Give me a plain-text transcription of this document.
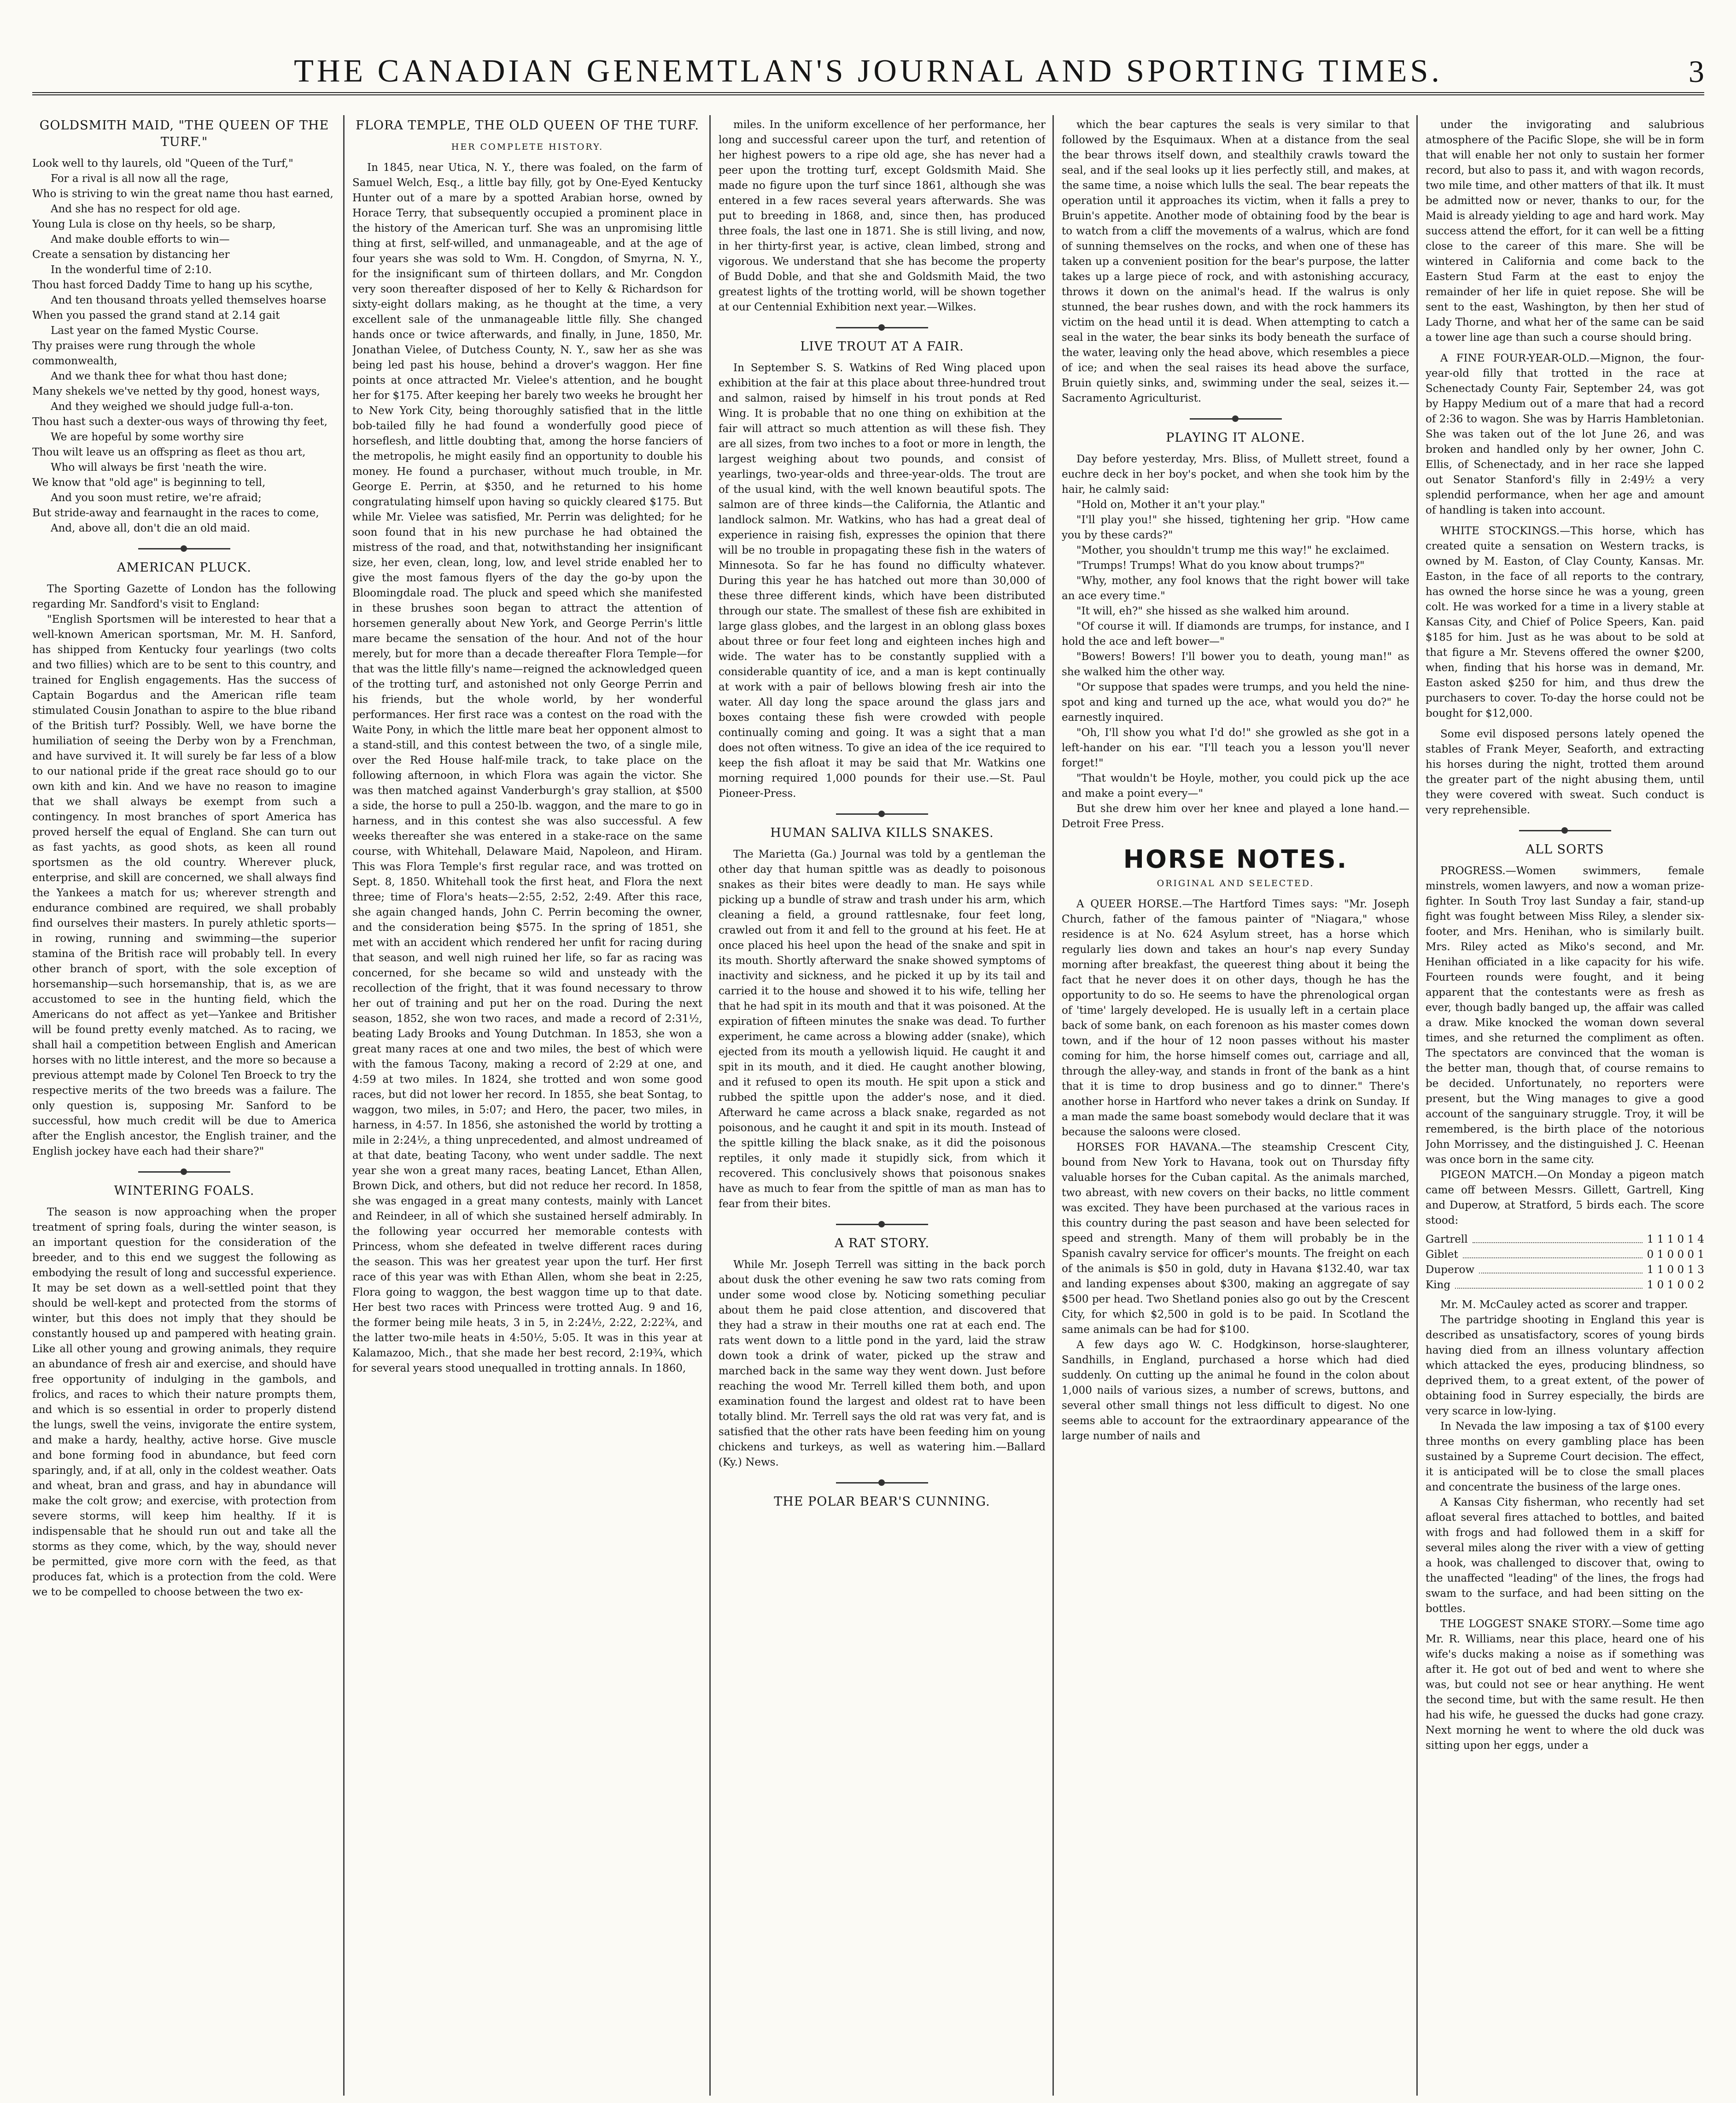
THE CANADIAN GENEMTLAN'S JOURNAL AND SPORTING TIMES.	3
GOLDSMITH MAID, "THE QUEEN OF THE TURF."

Look well to thy laurels, old "Queen of the Turf,"

For a rival is all now all the rage,

Who is striving to win the great name thou hast earned,

And she has no respect for old age.

Young Lula is close on thy heels, so be sharp,

And make double efforts to win—

Create a sensation by distancing her

In the wonderful time of 2:10.

Thou hast forced Daddy Time to hang up his scythe,

And ten thousand throats yelled themselves hoarse

When you passed the grand stand at 2.14 gait

Last year on the famed Mystic Course.

Thy praises were rung through the whole commonwealth,

And we thank thee for what thou hast done;

Many shekels we've netted by thy good, honest ways,

And they weighed we should judge full-a-ton.

Thou hast such a dexter-ous ways of throwing thy feet,

We are hopeful by some worthy sire

Thou wilt leave us an offspring as fleet as thou art,

Who will always be first 'neath the wire.

We know that "old age" is beginning to tell,

And you soon must retire, we're afraid;

But stride-away and fearnaught in the races to come,

And, above all, don't die an old maid.

AMERICAN PLUCK.

The Sporting Gazette of London has the following regarding Mr. Sandford's visit to England:

"English Sportsmen will be interested to hear that a well-known American sportsman, Mr. M. H. Sanford, has shipped from Kentucky four yearlings (two colts and two fillies) which are to be sent to this country, and trained for English engagements. Has the success of Captain Bogardus and the American rifle team stimulated Cousin Jonathan to aspire to the blue riband of the British turf? Possibly. Well, we have borne the humiliation of seeing the Derby won by a Frenchman, and have survived it. It will surely be far less of a blow to our national pride if the great race should go to our own kith and kin. And we have no reason to imagine that we shall always be exempt from such a contingency. In most branches of sport America has proved herself the equal of England. She can turn out as fast yachts, as good shots, as keen all round sportsmen as the old country. Wherever pluck, enterprise, and skill are concerned, we shall always find the Yankees a match for us; wherever strength and endurance combined are required, we shall probably find ourselves their masters. In purely athletic sports—in rowing, running and swimming—the superior stamina of the British race will probably tell. In every other branch of sport, with the sole exception of horsemanship—such horsemanship, that is, as we are accustomed to see in the hunting field, which the Americans do not affect as yet—Yankee and Britisher will be found pretty evenly matched. As to racing, we shall hail a competition between English and American horses with no little interest, and the more so because a previous attempt made by Colonel Ten Broeck to try the respective merits of the two breeds was a failure. The only question is, supposing Mr. Sanford to be successful, how much credit will be due to America after the English ancestor, the English trainer, and the English jockey have each had their share?"

WINTERING FOALS.

The season is now approaching when the proper treatment of spring foals, during the winter season, is an important question for the consideration of the breeder, and to this end we suggest the following as embodying the result of long and successful experience. It may be set down as a well-settled point that they should be well-kept and protected from the storms of winter, but this does not imply that they should be constantly housed up and pampered with heating grain. Like all other young and growing animals, they require an abundance of fresh air and exercise, and should have free opportunity of indulging in the gambols, and frolics, and races to which their nature prompts them, and which is so essential in order to properly distend the lungs, swell the veins, invigorate the entire system, and make a hardy, healthy, active horse. Give muscle and bone forming food in abundance, but feed corn sparingly, and, if at all, only in the coldest weather. Oats and wheat, bran and grass, and hay in abundance will make the colt grow; and exercise, with protection from severe storms, will keep him healthy. If it is indispensable that he should run out and take all the storms as they come, which, by the way, should never be permitted, give more corn with the feed, as that produces fat, which is a protection from the cold. Were we to be compelled to choose between the two ex-

FLORA TEMPLE, THE OLD QUEEN OF THE TURF.
HER COMPLETE HISTORY.

In 1845, near Utica, N. Y., there was foaled, on the farm of Samuel Welch, Esq., a little bay filly, got by One-Eyed Kentucky Hunter out of a mare by a spotted Arabian horse, owned by Horace Terry, that subsequently occupied a prominent place in the history of the American turf. She was an unpromising little thing at first, self-willed, and unmanageable, and at the age of four years she was sold to Wm. H. Congdon, of Smyrna, N. Y., for the insignificant sum of thirteen dollars, and Mr. Congdon very soon thereafter disposed of her to Kelly & Richardson for sixty-eight dollars making, as he thought at the time, a very excellent sale of the unmanageable little filly. She changed hands once or twice afterwards, and finally, in June, 1850, Mr. Jonathan Vielee, of Dutchess County, N. Y., saw her as she was being led past his house, behind a drover's waggon. Her fine points at once attracted Mr. Vielee's attention, and he bought her for $175. After keeping her barely two weeks he brought her to New York City, being thoroughly satisfied that in the little bob-tailed filly he had found a wonderfully good piece of horseflesh, and little doubting that, among the horse fanciers of the metropolis, he might easily find an opportunity to double his money. He found a purchaser, without much trouble, in Mr. George E. Perrin, at $350, and he returned to his home congratulating himself upon having so quickly cleared $175. But while Mr. Vielee was satisfied, Mr. Perrin was delighted; for he soon found that in his new purchase he had obtained the mistress of the road, and that, notwithstanding her insignificant size, her even, clean, long, low, and level stride enabled her to give the most famous flyers of the day the go-by upon the Bloomingdale road. The pluck and speed which she manifested in these brushes soon began to attract the attention of horsemen generally about New York, and George Perrin's little mare became the sensation of the hour. And not of the hour merely, but for more than a decade thereafter Flora Temple—for that was the little filly's name—reigned the acknowledged queen of the trotting turf, and astonished not only George Perrin and his friends, but the whole world, by her wonderful performances. Her first race was a contest on the road with the Waite Pony, in which the little mare beat her opponent almost to a stand-still, and this contest between the two, of a single mile, over the Red House half-mile track, to take place on the following afternoon, in which Flora was again the victor. She was then matched against Vanderburgh's gray stallion, at $500 a side, the horse to pull a 250-lb. waggon, and the mare to go in harness, and in this contest she was also successful. A few weeks thereafter she was entered in a stake-race on the same course, with Whitehall, Delaware Maid, Napoleon, and Hiram. This was Flora Temple's first regular race, and was trotted on Sept. 8, 1850. Whitehall took the first heat, and Flora the next three; time of Flora's heats—2:55, 2:52, 2:49. After this race, she again changed hands, John C. Perrin becoming the owner, and the consideration being $575. In the spring of 1851, she met with an accident which rendered her unfit for racing during that season, and well nigh ruined her life, so far as racing was concerned, for she became so wild and unsteady with the recollection of the fright, that it was found necessary to throw her out of training and put her on the road. During the next season, 1852, she won two races, and made a record of 2:31½, beating Lady Brooks and Young Dutchman. In 1853, she won a great many races at one and two miles, the best of which were with the famous Tacony, making a record of 2:29 at one, and 4:59 at two miles. In 1824, she trotted and won some good races, but did not lower her record. In 1855, she beat Sontag, to waggon, two miles, in 5:07; and Hero, the pacer, two miles, in harness, in 4:57. In 1856, she astonished the world by trotting a mile in 2:24½, a thing unprecedented, and almost undreamed of at that date, beating Tacony, who went under saddle. The next year she won a great many races, beating Lancet, Ethan Allen, Brown Dick, and others, but did not reduce her record. In 1858, she was engaged in a great many contests, mainly with Lancet and Reindeer, in all of which she sustained herself admirably. In the following year occurred her memorable contests with Princess, whom she defeated in twelve different races during the season. This was her greatest year upon the turf. Her first race of this year was with Ethan Allen, whom she beat in 2:25, Flora going to waggon, the best waggon time up to that date. Her best two races with Princess were trotted Aug. 9 and 16, the former being mile heats, 3 in 5, in 2:24½, 2:22, 2:22¾, and the latter two-mile heats in 4:50½, 5:05. It was in this year at Kalamazoo, Mich., that she made her best record, 2:19¾, which for several years stood unequalled in trotting annals. In 1860,

miles. In the uniform excellence of her performance, her long and successful career upon the turf, and retention of her highest powers to a ripe old age, she has never had a peer upon the trotting turf, except Goldsmith Maid. She made no figure upon the turf since 1861, although she was entered in a few races several years afterwards. She was put to breeding in 1868, and, since then, has produced three foals, the last one in 1871. She is still living, and now, in her thirty-first year, is active, clean limbed, strong and vigorous. We understand that she has become the property of Budd Doble, and that she and Goldsmith Maid, the two greatest lights of the trotting world, will be shown together at our Centennial Exhibition next year.—Wilkes.

LIVE TROUT AT A FAIR.

In September S. S. Watkins of Red Wing placed upon exhibition at the fair at this place about three-hundred trout and salmon, raised by himself in his trout ponds at Red Wing. It is probable that no one thing on exhibition at the fair will attract so much attention as will these fish. They are all sizes, from two inches to a foot or more in length, the largest weighing about two pounds, and consist of yearlings, two-year-olds and three-year-olds. The trout are of the usual kind, with the well known beautiful spots. The salmon are of three kinds—the California, the Atlantic and landlock salmon. Mr. Watkins, who has had a great deal of experience in raising fish, expresses the opinion that there will be no trouble in propagating these fish in the waters of Minnesota. So far he has found no difficulty whatever. During this year he has hatched out more than 30,000 of these three different kinds, which have been distributed through our state. The smallest of these fish are exhibited in large glass globes, and the largest in an oblong glass boxes about three or four feet long and eighteen inches high and wide. The water has to be constantly supplied with a considerable quantity of ice, and a man is kept continually at work with a pair of bellows blowing fresh air into the water. All day long the space around the glass jars and boxes containg these fish were crowded with people continually coming and going. It was a sight that a man does not often witness. To give an idea of the ice required to keep the fish afloat it may be said that Mr. Watkins one morning required 1,000 pounds for their use.—St. Paul Pioneer-Press.

HUMAN SALIVA KILLS SNAKES.

The Marietta (Ga.) Journal was told by a gentleman the other day that human spittle was as deadly to poisonous snakes as their bites were deadly to man. He says while picking up a bundle of straw and trash under his arm, which cleaning a field, a ground rattlesnake, four feet long, crawled out from it and fell to the ground at his feet. He at once placed his heel upon the head of the snake and spit in its mouth. Shortly afterward the snake showed symptoms of inactivity and sickness, and he picked it up by its tail and carried it to the house and showed it to his wife, telling her that he had spit in its mouth and that it was poisoned. At the expiration of fifteen minutes the snake was dead. To further experiment, he came across a blowing adder (snake), which ejected from its mouth a yellowish liquid. He caught it and spit in its mouth, and it died. He caught another blowing, and it refused to open its mouth. He spit upon a stick and rubbed the spittle upon the adder's nose, and it died. Afterward he came across a black snake, regarded as not poisonous, and he caught it and spit in its mouth. Instead of the spittle killing the black snake, as it did the poisonous reptiles, it only made it stupidly sick, from which it recovered. This conclusively shows that poisonous snakes have as much to fear from the spittle of man as man has to fear from their bites.

A RAT STORY.

While Mr. Joseph Terrell was sitting in the back porch about dusk the other evening he saw two rats coming from under some wood close by. Noticing something peculiar about them he paid close attention, and discovered that they had a straw in their mouths one rat at each end. The rats went down to a little pond in the yard, laid the straw down took a drink of water, picked up the straw and marched back in the same way they went down. Just before reaching the wood Mr. Terrell killed them both, and upon examination found the largest and oldest rat to have been totally blind. Mr. Terrell says the old rat was very fat, and is satisfied that the other rats have been feeding him on young chickens and turkeys, as well as watering him.—Ballard (Ky.) News.

THE POLAR BEAR'S CUNNING.

which the bear captures the seals is very similar to that followed by the Esquimaux. When at a distance from the seal the bear throws itself down, and stealthily crawls toward the seal, and if the seal looks up it lies perfectly still, and makes, at the same time, a noise which lulls the seal. The bear repeats the operation until it approaches its victim, when it falls a prey to Bruin's appetite. Another mode of obtaining food by the bear is to watch from a cliff the movements of a walrus, which are fond of sunning themselves on the rocks, and when one of these has taken up a convenient position for the bear's purpose, the latter takes up a large piece of rock, and with astonishing accuracy, throws it down on the animal's head. If the walrus is only stunned, the bear rushes down, and with the rock hammers its victim on the head until it is dead. When attempting to catch a seal in the water, the bear sinks its body beneath the surface of the water, leaving only the head above, which resembles a piece of ice; and when the seal raises its head above the surface, Bruin quietly sinks, and, swimming under the seal, seizes it.—Sacramento Agriculturist.

PLAYING IT ALONE.

Day before yesterday, Mrs. Bliss, of Mullett street, found a euchre deck in her boy's pocket, and when she took him by the hair, he calmly said:

"Hold on, Mother it an't your play."

"I'll play you!" she hissed, tightening her grip. "How came you by these cards?"

"Mother, you shouldn't trump me this way!" he exclaimed.

"Trumps! Trumps! What do you know about trumps?"

"Why, mother, any fool knows that the right bower will take an ace every time."

"It will, eh?" she hissed as she walked him around.

"Of course it will. If diamonds are trumps, for instance, and I hold the ace and left bower—"

"Bowers! Bowers! I'll bower you to death, young man!" as she walked him the other way.

"Or suppose that spades were trumps, and you held the nine-spot and king and turned up the ace, what would you do?" he earnestly inquired.

"Oh, I'll show you what I'd do!" she growled as she got in a left-hander on his ear. "I'll teach you a lesson you'll never forget!"

"That wouldn't be Hoyle, mother, you could pick up the ace and make a point every—"

But she drew him over her knee and played a lone hand.—Detroit Free Press.

HORSE NOTES.
ORIGINAL AND SELECTED.

A QUEER HORSE.—The Hartford Times says: "Mr. Joseph Church, father of the famous painter of "Niagara," whose residence is at No. 624 Asylum street, has a horse which regularly lies down and takes an hour's nap every Sunday morning after breakfast, the queerest thing about it being the fact that he never does it on other days, though he has the opportunity to do so. He seems to have the phrenological organ of 'time' largely developed. He is usually left in a certain place back of some bank, on each forenoon as his master comes down town, and if the hour of 12 noon passes without his master coming for him, the horse himself comes out, carriage and all, through the alley-way, and stands in front of the bank as a hint that it is time to drop business and go to dinner." There's another horse in Hartford who never takes a drink on Sunday. If a man made the same boast somebody would declare that it was because the saloons were closed.

HORSES FOR HAVANA.—The steamship Crescent City, bound from New York to Havana, took out on Thursday fifty valuable horses for the Cuban capital. As the animals marched, two abreast, with new covers on their backs, no little comment was excited. They have been purchased at the various races in this country during the past season and have been selected for speed and strength. Many of them will probably be in the Spanish cavalry service for officer's mounts. The freight on each of the animals is $50 in gold, duty in Havana $132.40, war tax and landing expenses about $300, making an aggregate of say $500 per head. Two Shetland ponies also go out by the Crescent City, for which $2,500 in gold is to be paid. In Scotland the same animals can be had for $100.

A few days ago W. C. Hodgkinson, horse-slaughterer, Sandhills, in England, purchased a horse which had died suddenly. On cutting up the animal he found in the colon about 1,000 nails of various sizes, a number of screws, buttons, and several other small things not less difficult to digest. No one seems able to account for the extraordinary appearance of the large number of nails and

under the invigorating and salubrious atmosphere of the Pacific Slope, she will be in form that will enable her not only to sustain her former record, but also to pass it, and with wagon records, two mile time, and other matters of that ilk. It must be admitted now or never, thanks to our, for the Maid is already yielding to age and hard work. May success attend the effort, for it can well be a fitting close to the career of this mare. She will be wintered in California and come back to the Eastern Stud Farm at the east to enjoy the remainder of her life in quiet repose. She will be sent to the east, Washington, by then her stud of Lady Thorne, and what her of the same can be said a tower line age than such a course should bring.

A FINE FOUR-YEAR-OLD.—Mignon, the four-year-old filly that trotted in the race at Schenectady County Fair, September 24, was got by Happy Medium out of a mare that had a record of 2:36 to wagon. She was by Harris Hambletonian. She was taken out of the lot June 26, and was broken and handled only by her owner, John C. Ellis, of Schenectady, and in her race she lapped out Senator Stanford's filly in 2:49½ a very splendid performance, when her age and amount of handling is taken into account.

WHITE STOCKINGS.—This horse, which has created quite a sensation on Western tracks, is owned by M. Easton, of Clay County, Kansas. Mr. Easton, in the face of all reports to the contrary, has owned the horse since he was a young, green colt. He was worked for a time in a livery stable at Kansas City, and Chief of Police Speers, Kan. paid $185 for him. Just as he was about to be sold at that figure a Mr. Stevens offered the owner $200, when, finding that his horse was in demand, Mr. Easton asked $250 for him, and thus drew the purchasers to cover. To-day the horse could not be bought for $12,000.

Some evil disposed persons lately opened the stables of Frank Meyer, Seaforth, and extracting his horses during the night, trotted them around the greater part of the night abusing them, until they were covered with sweat. Such conduct is very reprehensible.

ALL SORTS

PROGRESS.—Women swimmers, female minstrels, women lawyers, and now a woman prize-fighter. In South Troy last Sunday a fair, stand-up fight was fought between Miss Riley, a slender six-footer, and Mrs. Henihan, who is similarly built. Mrs. Riley acted as Miko's second, and Mr. Henihan officiated in a like capacity for his wife. Fourteen rounds were fought, and it being apparent that the contestants were as fresh as ever, though badly banged up, the affair was called a draw. Mike knocked the woman down several times, and she returned the compliment as often. The spectators are convinced that the woman is the better man, though that, of course remains to be decided. Unfortunately, no reporters were present, but the Wing manages to give a good account of the sanguinary struggle. Troy, it will be remembered, is the birth place of the notorious John Morrissey, and the distinguished J. C. Heenan was once born in the same city.

PIGEON MATCH.—On Monday a pigeon match came off between Messrs. Gillett, Gartrell, King and Duperow, at Stratford, 5 birds each. The score stood:

Gartrell	1 1 1 0 1 4
Giblet	0 1 0 0 0 1
Duperow	1 1 0 0 1 3
King	1 0 1 0 0 2

Mr. M. McCauley acted as scorer and trapper.

The partridge shooting in England this year is described as unsatisfactory, scores of young birds having died from an illness voluntary affection which attacked the eyes, producing blindness, so deprived them, to a great extent, of the power of obtaining food in Surrey especially, the birds are very scarce in low-lying.

In Nevada the law imposing a tax of $100 every three months on every gambling place has been sustained by a Supreme Court decision. The effect, it is anticipated will be to close the small places and concentrate the business of the large ones.

A Kansas City fisherman, who recently had set afloat several fires attached to bottles, and baited with frogs and had followed them in a skiff for several miles along the river with a view of getting a hook, was challenged to discover that, owing to the unaffected "leading" of the lines, the frogs had swam to the surface, and had been sitting on the bottles.

THE LOGGEST SNAKE STORY.—Some time ago Mr. R. Williams, near this place, heard one of his wife's ducks making a noise as if something was after it. He got out of bed and went to where she was, but could not see or hear anything. He went the second time, but with the same result. He then had his wife, he guessed the ducks had gone crazy. Next morning he went to where the old duck was sitting upon her eggs, under a
